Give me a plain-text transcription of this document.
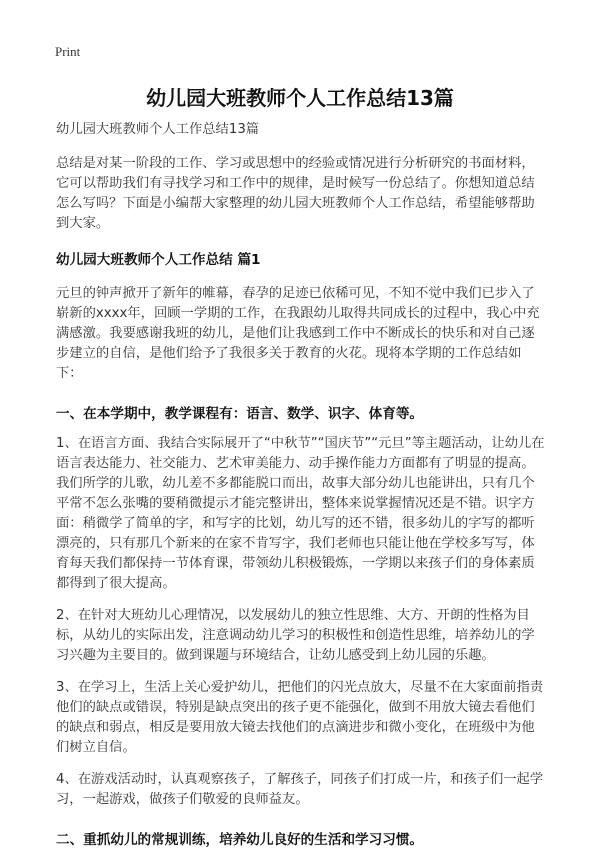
Print
幼儿园大班教师个人工作总结13篇

幼儿园大班教师个人工作总结13篇

总结是对某一阶段的工作、学习或思想中的经验或情况进行分析研究的书面材料，它可以帮助我们有寻找学习和工作中的规律，是时候写一份总结了。你想知道总结怎么写吗？下面是小编帮大家整理的幼儿园大班教师个人工作总结，希望能够帮助到大家。

幼儿园大班教师个人工作总结 篇1

元旦的钟声掀开了新年的帷幕，春孕的足迹已依稀可见，不知不觉中我们已步入了崭新的xxxx年，回顾一学期的工作，在我跟幼儿取得共同成长的过程中，我心中充满感激。我要感谢我班的幼儿，是他们让我感到工作中不断成长的快乐和对自己逐步建立的自信，是他们给予了我很多关于教育的火花。现将本学期的工作总结如下：

一、在本学期中，教学课程有：语言、数学、识字、体育等。

1、在语言方面、我结合实际展开了“中秋节”“国庆节”“元旦”等主题活动，让幼儿在语言表达能力、社交能力、艺术审美能力、动手操作能力方面都有了明显的提高。我们所学的儿歌，幼儿差不多都能脱口而出，故事大部分幼儿也能讲出，只有几个平常不怎么张嘴的要稍微提示才能完整讲出，整体来说掌握情况还是不错。识字方面：稍微学了简单的字，和写字的比划，幼儿写的还不错，很多幼儿的字写的都听漂亮的，只有那几个新来的在家不肯写字，我们老师也只能让他在学校多写写，体育每天我们都保持一节体育课，带领幼儿积极锻炼，一学期以来孩子们的身体素质都得到了很大提高。

2、在针对大班幼儿心理情况，以发展幼儿的独立性思维、大方、开朗的性格为目标，从幼儿的实际出发，注意调动幼儿学习的积极性和创造性思维，培养幼儿的学习兴趣为主要目的。做到课题与环境结合，让幼儿感受到上幼儿园的乐趣。

3、在学习上，生活上关心爱护幼儿，把他们的闪光点放大，尽量不在大家面前指责他们的缺点或错误，特别是缺点突出的孩子更不能强化，做到不用放大镜去看他们的缺点和弱点，相反是要用放大镜去找他们的点滴进步和微小变化，在班级中为他们树立自信。

4、在游戏活动时，认真观察孩子，了解孩子，同孩子们打成一片，和孩子们一起学习，一起游戏，做孩子们敬爱的良师益友。

二、重抓幼儿的常规训练，培养幼儿良好的生活和学习习惯。
